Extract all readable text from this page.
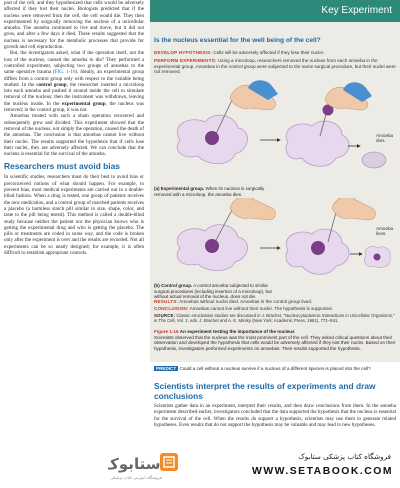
part of the cell, and they hypothesized that cells would be adversely affected if they lost their nuclei. Biologists predicted that if the nucleus were removed from the cell, the cell would die. They then experimented by surgically removing the nucleus of a unicellular amoeba. The amoeba continued to live and move, but it did not grow, and after a few days it died. These results suggested that the nucleus is necessary for the metabolic processes that provide for growth and cell reproduction.

But, the investigators asked, what if the operation itself, not the loss of the nucleus, caused the amoeba to die? They performed a controlled experiment, subjecting two groups of amoebas to the same operative trauma (FIG. 1-16). Ideally, an experimental group differs from a control group only with respect to the variable being studied. In the control group, the researcher inserted a microloop into each amoeba and pushed it around inside the cell to simulate removal of the nucleus; then the instrument was withdrawn, leaving the nucleus inside. In the experimental group, the nucleus was removed; in the control group, it was not.

Amoebas treated with such a sham operation recovered and subsequently grew and divided. This experiment showed that the removal of the nucleus, not simply the operation, caused the death of the amoebas. The conclusion is that amoebas cannot live without their nuclei. The results supported the hypothesis that if cells lose their nuclei, they are adversely affected. We can conclude that the nucleus is essential for the survival of the amoeba.

Researchers must avoid bias

In scientific studies, researchers must do their best to avoid bias or preconceived notions of what should happen. For example, to prevent bias, most medical experiments are carried out in a double-blind fashion. When a drug is tested, one group of patients receives the new medication, and a control group of matched patients receives a placebo (a harmless starch pill similar in size, shape, color, and taste to the pill being tested). This method is called a double-blind study because neither the patient nor the physician knows who is getting the experimental drug and who is getting the placebo. The pills or treatments are coded in some way, and the code is broken only after the experiment is over and the results are recorded. Not all experiments can be so neatly designed; for example, it is often difficult to establish appropriate controls.

Key Experiment
Is the nucleus essential for the well being of the cell?
DEVELOP HYPOTHESIS: Cells will be adversely affected if they lose their nuclei.
PERFORM EXPERIMENTS: Using a microloop, researchers removed the nucleus from each amoeba in the experimental group. Amoebas in the control group were subjected to the same surgical procedure, but their nuclei were not removed.
Amoeba dies.
(a) Experimental group. When its nucleus is surgically removed with a microloop, the amoeba dies.
Amoeba lives.
(b) Control group. A control amoeba subjected to similar surgical procedures (including insertion of a microloop), but without actual removal of the nucleus, does not die.
RESULTS: Amoebas without nuclei died. Amoebas in the control group lived.
CONCLUSION: Amoebas cannot live without their nuclei. The hypothesis is supported.
SOURCE: Classic enucleation studies are discussed in J. Brachet, "Nucleocytoplasmic Interactions in Unicellular Organisms," in The Cell, Vol. 2, eds. J. Brachet and A. E. Mirsky (New York: Academic Press, 1961), 771–841.
Figure 1-16 An experiment testing the importance of the nucleus
Scientists observed that the nucleus was the most prominent part of the cell. They asked critical questions about their observation and developed the hypothesis that cells would be adversely affected if they lost their nuclei. Based on their hypothesis, investigators performed experiments on amoebas. Their results supported the hypothesis.
PREDICT Could a cell without a nucleus survive if a nucleus of a different species is placed into the cell?
Scientists interpret the results of experiments and draw conclusions
Scientists gather data in an experiment, interpret their results, and then draw conclusions from them. In the amoeba experiment described earlier, investigators concluded that the data supported the hypothesis that the nucleus is essential for the survival of the cell. When the results do support a hypothesis, scientists may use them to generate related hypotheses. Even results that do not support the hypothesis may be valuable and may lead to new hypotheses.
ستابوک
فروشگاه اینترنتی کتاب پزشکی
فروشگاه کتاب پزشکی ستابوک
WWW.SETABOOK.COM
